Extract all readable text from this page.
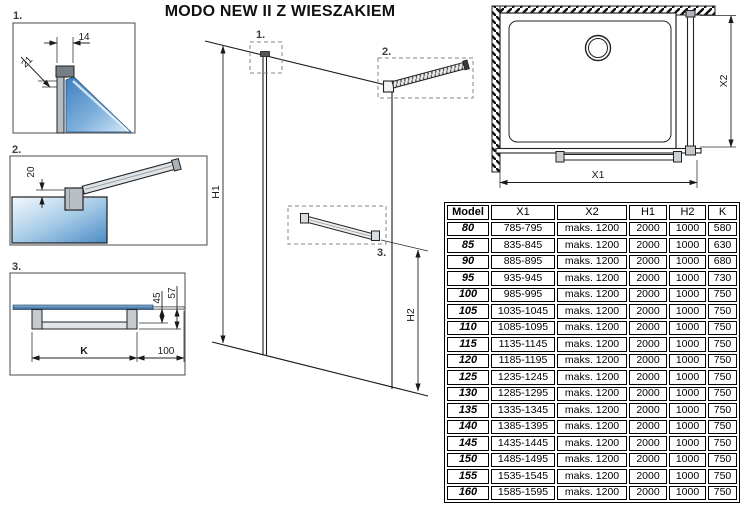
MODO NEW II Z WIESZAKIEM
1.
14
21
2.
20
3.
45 57
K	100
1.
2.
3.
H1
H2
X1
X2
Model	X1	X2	H1	H2	K
80	785-795	maks. 1200	2000	1000	580
85	835-845	maks. 1200	2000	1000	630
90	885-895	maks. 1200	2000	1000	680
95	935-945	maks. 1200	2000	1000	730
100	985-995	maks. 1200	2000	1000	750
105	1035-1045	maks. 1200	2000	1000	750
110	1085-1095	maks. 1200	2000	1000	750
115	1135-1145	maks. 1200	2000	1000	750
120	1185-1195	maks. 1200	2000	1000	750
125	1235-1245	maks. 1200	2000	1000	750
130	1285-1295	maks. 1200	2000	1000	750
135	1335-1345	maks. 1200	2000	1000	750
140	1385-1395	maks. 1200	2000	1000	750
145	1435-1445	maks. 1200	2000	1000	750
150	1485-1495	maks. 1200	2000	1000	750
155	1535-1545	maks. 1200	2000	1000	750
160	1585-1595	maks. 1200	2000	1000	750
